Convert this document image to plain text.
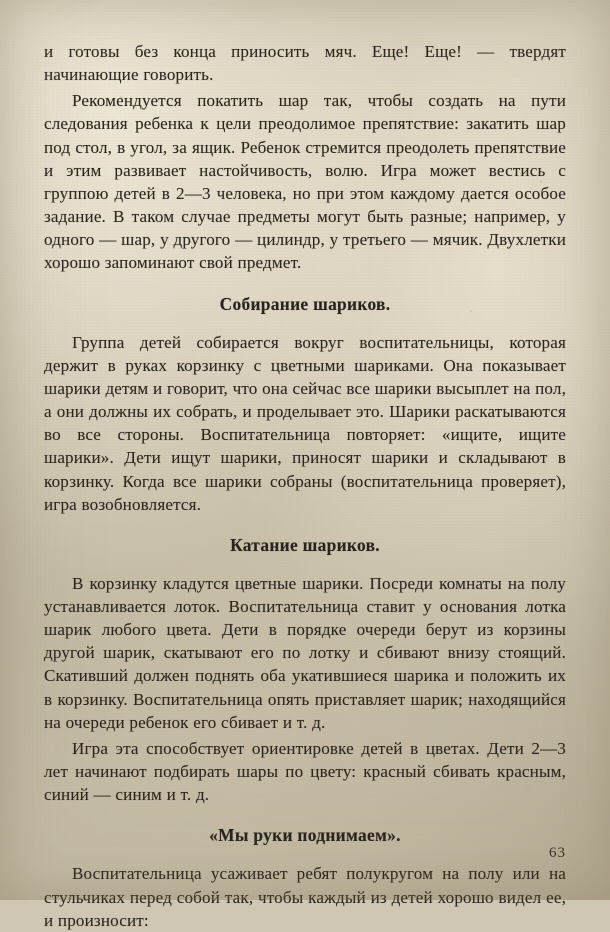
и готовы без конца приносить мяч. Еще! Еще! — твердят начинающие говорить.

Рекомендуется покатить шар так, чтобы создать на пути следования ребенка к цели преодолимое препятствие: закатить шар под стол, в угол, за ящик. Ребенок стремится преодолеть препятствие и этим развивает настойчивость, волю. Игра может вестись с группою детей в 2—3 человека, но при этом каждому дается особое задание. В таком случае предметы могут быть разные; например, у одного — шар, у другого — цилиндр, у третьего — мячик. Двухлетки хорошо запоминают свой предмет.

Собирание шариков.

Группа детей собирается вокруг воспитательницы, которая держит в руках корзинку с цветными шариками. Она показывает шарики детям и говорит, что она сейчас все шарики высыплет на пол, а они должны их собрать, и проделывает это. Шарики раскатываются во все стороны. Воспитательница повторяет: «ищите, ищите шарики». Дети ищут шарики, приносят шарики и складывают в корзинку. Когда все шарики собраны (воспитательница проверяет), игра возобновляется.

Катание шариков.

В корзинку кладутся цветные шарики. Посреди комнаты на полу устанавливается лоток. Воспитательница ставит у основания лотка шарик любого цвета. Дети в порядке очереди берут из корзины другой шарик, скатывают его по лотку и сбивают внизу стоящий. Скативший должен поднять оба укатившиеся шарика и положить их в корзинку. Воспитательница опять приставляет шарик; находящийся на очереди ребенок его сбивает и т. д.

Игра эта способствует ориентировке детей в цветах. Дети 2—3 лет начинают подбирать шары по цвету: красный сбивать красным, синий — синим и т. д.

«Мы руки поднимаем».

Воспитательница усаживает ребят полукругом на полу или на стульчиках перед собой так, чтобы каждый из детей хорошо видел ее, и произносит:

63
